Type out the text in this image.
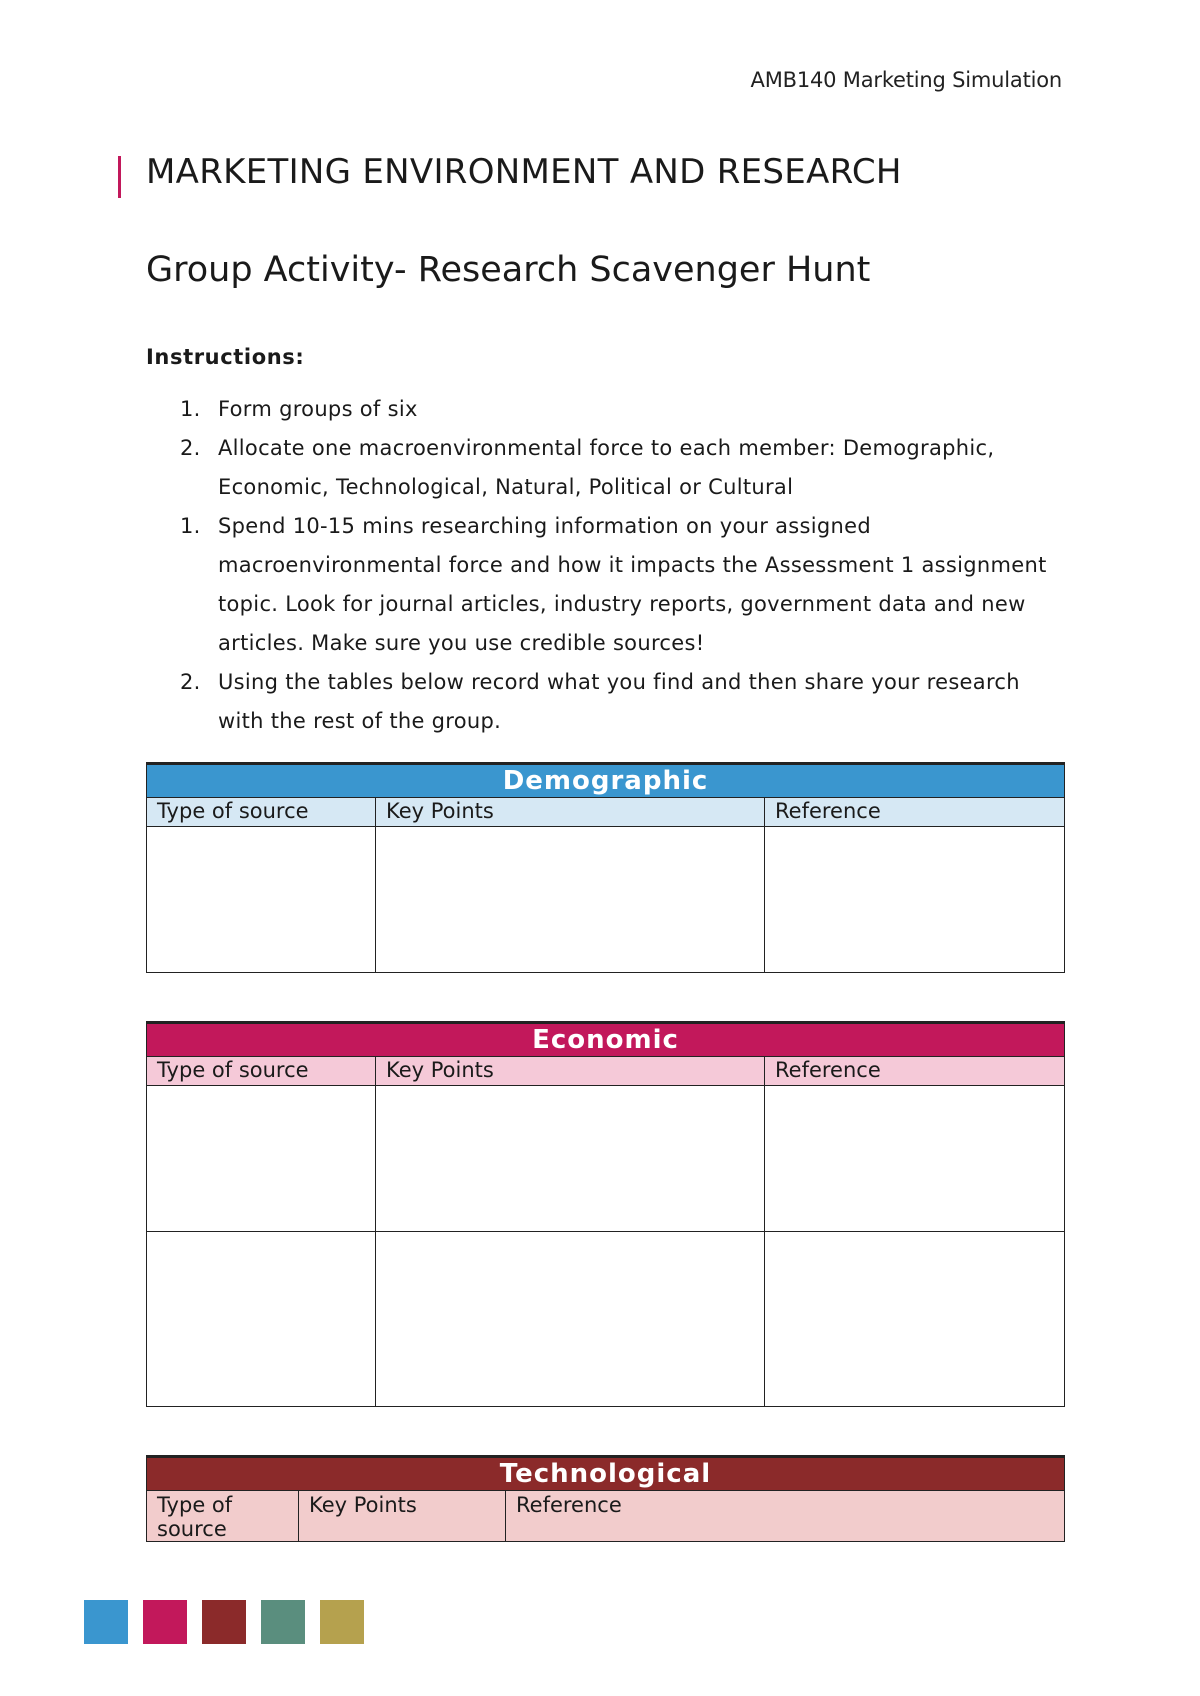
AMB140 Marketing Simulation
MARKETING ENVIRONMENT AND RESEARCH
Group Activity- Research Scavenger Hunt
Instructions:
1. Form groups of six
2. Allocate one macroenvironmental force to each member: Demographic, Economic, Technological, Natural, Political or Cultural
1. Spend 10-15 mins researching information on your assigned macroenvironmental force and how it impacts the Assessment 1 assignment topic. Look for journal articles, industry reports, government data and new articles. Make sure you use credible sources!
2. Using the tables below record what you find and then share your research with the rest of the group.
Demographic		
Type of source	Key Points	Reference

Economic		
Type of source	Key Points	Reference

Technological
Type of source	Key Points	Reference
